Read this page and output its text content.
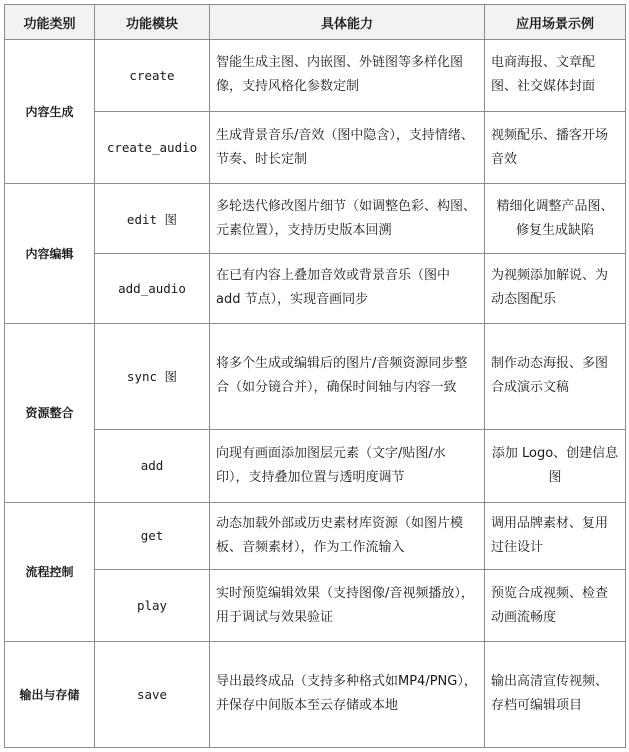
功能类别	功能模块	具体能力	应用场景示例
内容生成	create	智能生成主图、内嵌图、外链图等多样化图像，支持风格化参数定制	电商海报、文章配图、社交媒体封面
	create_audio	生成背景音乐/音效（图中隐含），支持情绪、节奏、时长定制	视频配乐、播客开场音效
内容编辑	edit 图	多轮迭代修改图片细节（如调整色彩、构图、元素位置），支持历史版本回溯	精细化调整产品图、修复生成缺陷
	add_audio	在已有内容上叠加音效或背景音乐（图中 add 节点），实现音画同步	为视频添加解说、为动态图配乐
资源整合	sync 图	将多个生成或编辑后的图片/音频资源同步整合（如分镜合并），确保时间轴与内容一致	制作动态海报、多图合成演示文稿
	add	向现有画面添加图层元素（文字/贴图/水印），支持叠加位置与透明度调节	添加 Logo、创建信息图
流程控制	get	动态加载外部或历史素材库资源（如图片模板、音频素材），作为工作流输入	调用品牌素材、复用过往设计
	play	实时预览编辑效果（支持图像/音视频播放），用于调试与效果验证	预览合成视频、检查动画流畅度
输出与存储	save	导出最终成品（支持多种格式如MP4/PNG），并保存中间版本至云存储或本地	输出高清宣传视频、存档可编辑项目
